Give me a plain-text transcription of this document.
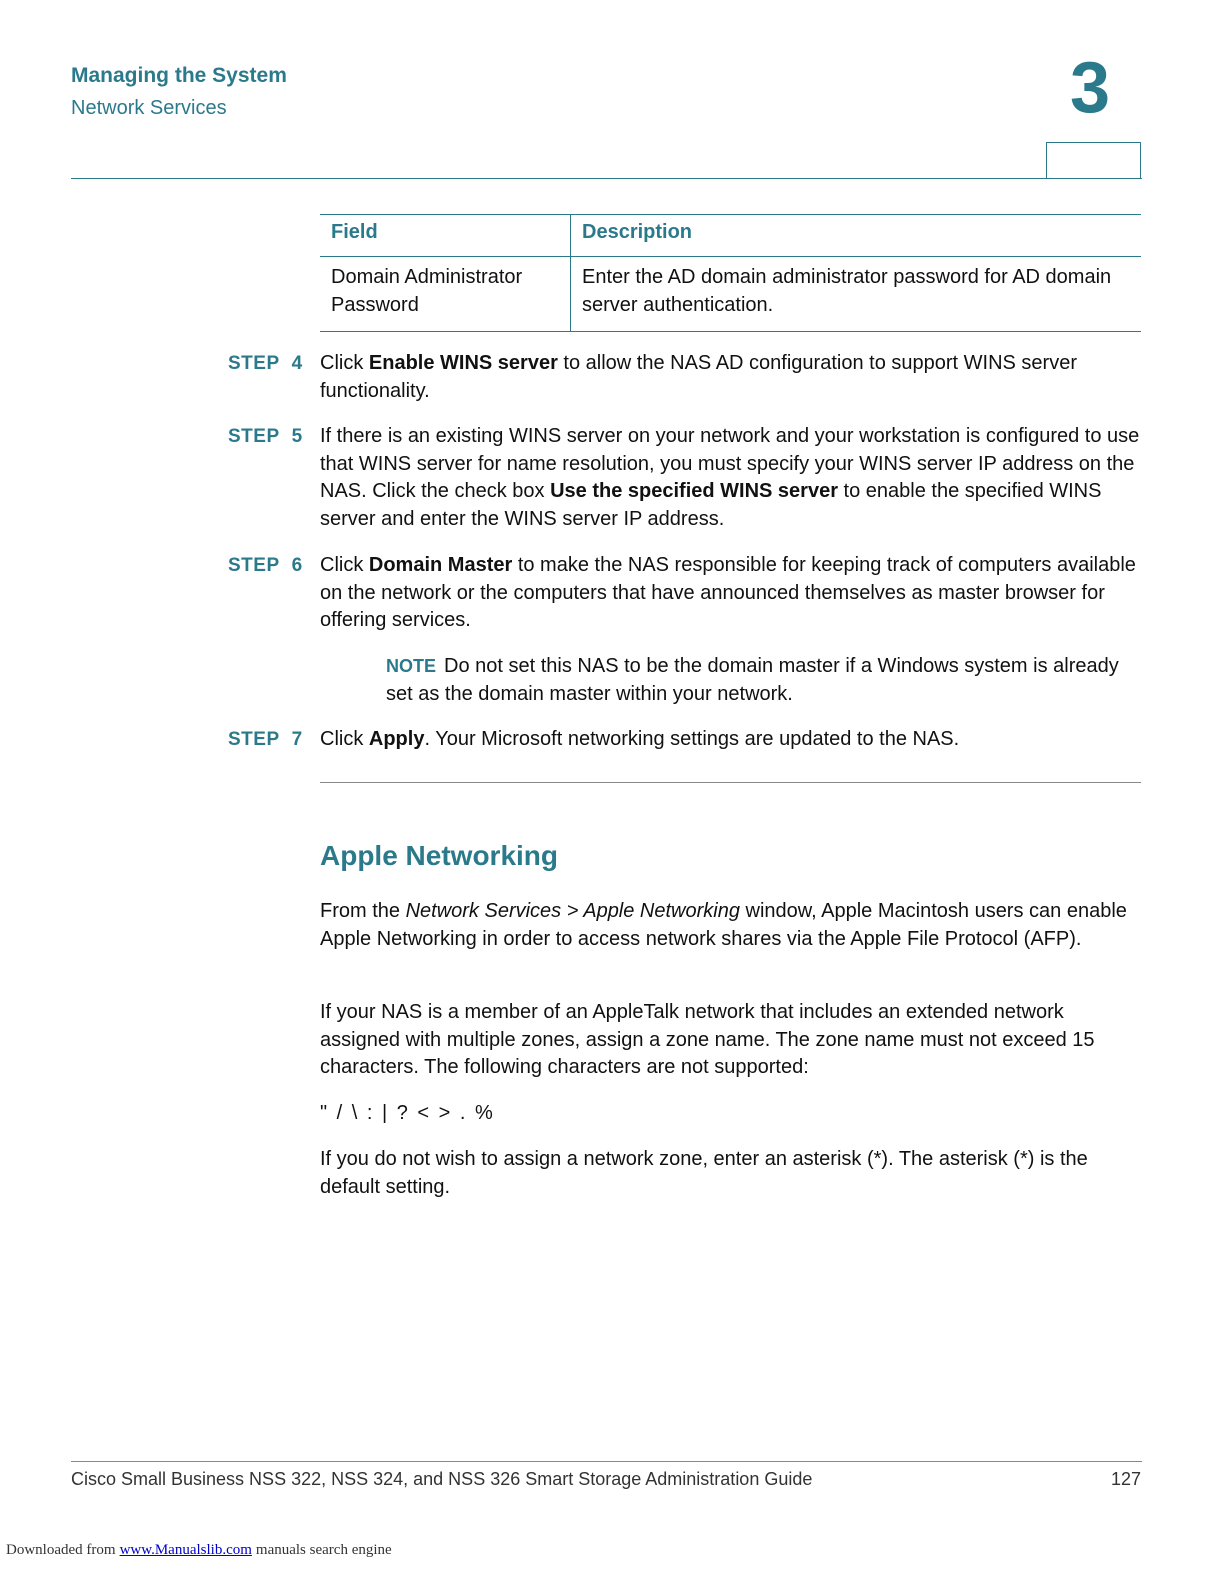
Managing the System
Network Services	3
Field	Description
Domain Administrator Password	Enter the AD domain administrator password for AD domain server authentication.
STEP 4 Click Enable WINS server to allow the NAS AD configuration to support WINS server functionality.
STEP 5 If there is an existing WINS server on your network and your workstation is configured to use that WINS server for name resolution, you must specify your WINS server IP address on the NAS. Click the check box Use the specified WINS server to enable the specified WINS server and enter the WINS server IP address.
STEP 6 Click Domain Master to make the NAS responsible for keeping track of computers available on the network or the computers that have announced themselves as master browser for offering services.
NOTE Do not set this NAS to be the domain master if a Windows system is already set as the domain master within your network.
STEP 7 Click Apply. Your Microsoft networking settings are updated to the NAS.
Apple Networking

From the Network Services > Apple Networking window, Apple Macintosh users can enable Apple Networking in order to access network shares via the Apple File Protocol (AFP).

If your NAS is a member of an AppleTalk network that includes an extended network assigned with multiple zones, assign a zone name. The zone name must not exceed 15 characters. The following characters are not supported:

" / \ : | ? < > . %

If you do not wish to assign a network zone, enter an asterisk (*). The asterisk (*) is the default setting.

Cisco Small Business NSS 322, NSS 324, and NSS 326 Smart Storage Administration Guide	127
Downloaded from www.Manualslib.com manuals search engine
